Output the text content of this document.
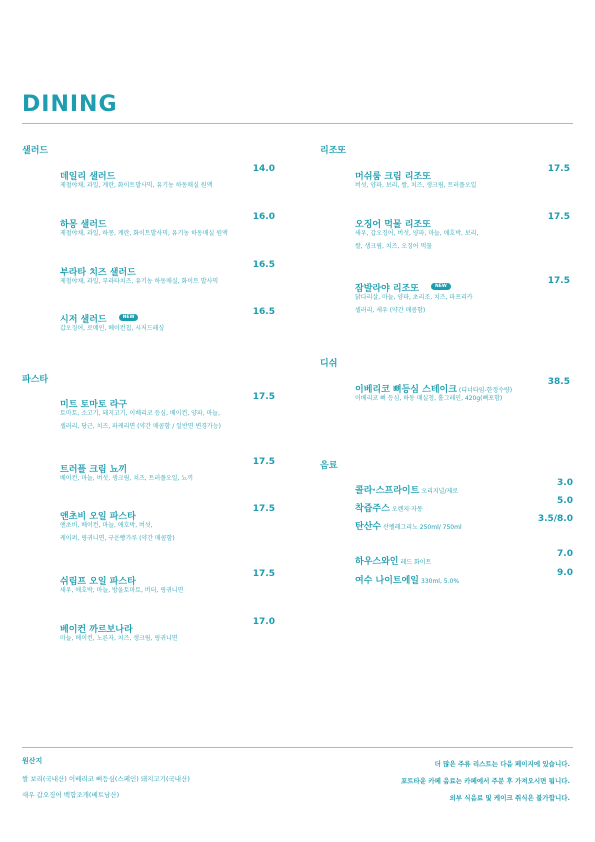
DINING
샐러드
데일리 샐러드
14.0
제철야채, 과일, 계란, 화이트발사믹, 유기농 하동매실 원액
하몽 샐러드
16.0
제철야채, 과일, 하몽, 계란, 화이트발사믹, 유기농 하동매실 원액
부라타 치즈 샐러드
16.5
제철야채, 과일, 부라타치즈, 유기농 하동매실, 화이트 발사믹
시저 샐러드	NEW
16.5
갑오징어, 로메인, 베이컨칩, 시저드레싱
파스타
미트 토마토 라구
17.5
토마토, 소고기, 돼지고기, 이베리코 등심, 베이컨, 양파, 마늘,
셀러리, 당근, 치즈, 파케리면 (약간 매콤함 / 일반면 변경가능)
트러플 크림 뇨끼
17.5
베이컨, 마늘, 버섯, 생크림, 치즈, 트러플오일, 뇨끼
앤초비 오일 파스타
17.5
앤초비, 베이컨, 마늘, 애호박, 버섯,
케이퍼, 링귀니면, 구운빵가루 (약간 매콤함)
쉬림프 오일 파스타
17.5
새우, 애호박, 마늘, 방울토마토, 버터, 링귀니면
베이컨 까르보나라
17.0
마늘, 베이컨, 노른자, 치즈, 생크림, 링귀니면
리조또
머쉬룸 크림 리조또
17.5
버섯, 양파, 보리, 쌀, 치즈, 생크림, 트러플오일
오징어 먹물 리조또
17.5
새우, 갑오징어, 버섯, 양파, 마늘, 애호박, 보리,
쌀, 생크림, 치즈, 오징어 먹물
잠발라야 리조또	NEW
17.5
닭다리살, 마늘, 양파, 초리조, 치즈, 파프리카
셀러리, 새우 (약간 매콤함)
디쉬
이베리코 뼈등심 스테이크 (디너타임-한정수량)
38.5
이베리코 뼈 등심, 하동 매실청, 홀그레인, 420g(뼈포함)
음료
콜라·스프라이트 오리지널/제로
3.0
착즙주스 오렌지·자몽
5.0
탄산수 산펠레그리노 250ml/ 750ml
3.5/8.0
하우스와인 레드 화이트
7.0
여수 나이트에일 330ml, 5.0%
9.0
원산지
쌀 보리(국내산) 이베리코 뼈등심(스페인) 돼지고기(국내산)
새우 갑오징어 백합조개(베트남산)
더 많은 주류 리스트는 다음 페이지에 있습니다.
포트타운 카페 음료는 카페에서 주문 후 가져오시면 됩니다.
외부 식음료 및 케이크 취식은 불가합니다.
